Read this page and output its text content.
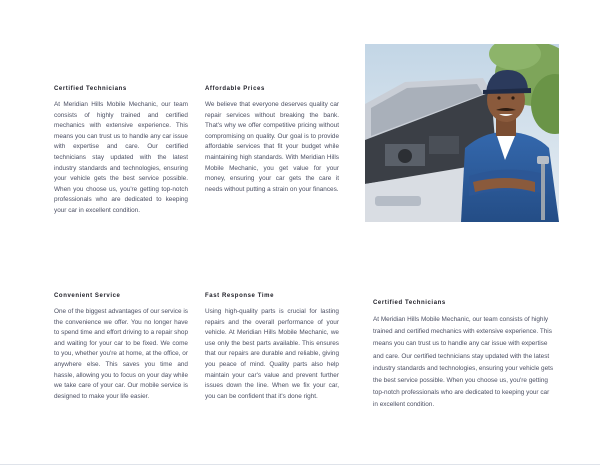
Certified Technicians

At Meridian Hills Mobile Mechanic, our team consists of highly trained and certified mechanics with extensive experience. This means you can trust us to handle any car issue with expertise and care. Our certified technicians stay updated with the latest industry standards and technologies, ensuring your vehicle gets the best service possible. When you choose us, you're getting top-notch professionals who are dedicated to keeping your car in excellent condition.

Affordable Prices

We believe that everyone deserves quality car repair services without breaking the bank. That's why we offer competitive pricing without compromising on quality. Our goal is to provide affordable services that fit your budget while maintaining high standards. With Meridian Hills Mobile Mechanic, you get value for your money, ensuring your car gets the care it needs without putting a strain on your finances.

Convenient Service

One of the biggest advantages of our service is the convenience we offer. You no longer have to spend time and effort driving to a repair shop and waiting for your car to be fixed. We come to you, whether you're at home, at the office, or anywhere else. This saves you time and hassle, allowing you to focus on your day while we take care of your car. Our mobile service is designed to make your life easier.

Fast Response Time

Using high-quality parts is crucial for lasting repairs and the overall performance of your vehicle. At Meridian Hills Mobile Mechanic, we use only the best parts available. This ensures that our repairs are durable and reliable, giving you peace of mind. Quality parts also help maintain your car's value and prevent further issues down the line. When we fix your car, you can be confident that it's done right.

Certified Technicians

At Meridian Hills Mobile Mechanic, our team consists of highly trained and certified mechanics with extensive experience. This means you can trust us to handle any car issue with expertise and care. Our certified technicians stay updated with the latest industry standards and technologies, ensuring your vehicle gets the best service possible. When you choose us, you're getting top-notch professionals who are dedicated to keeping your car in excellent condition.
